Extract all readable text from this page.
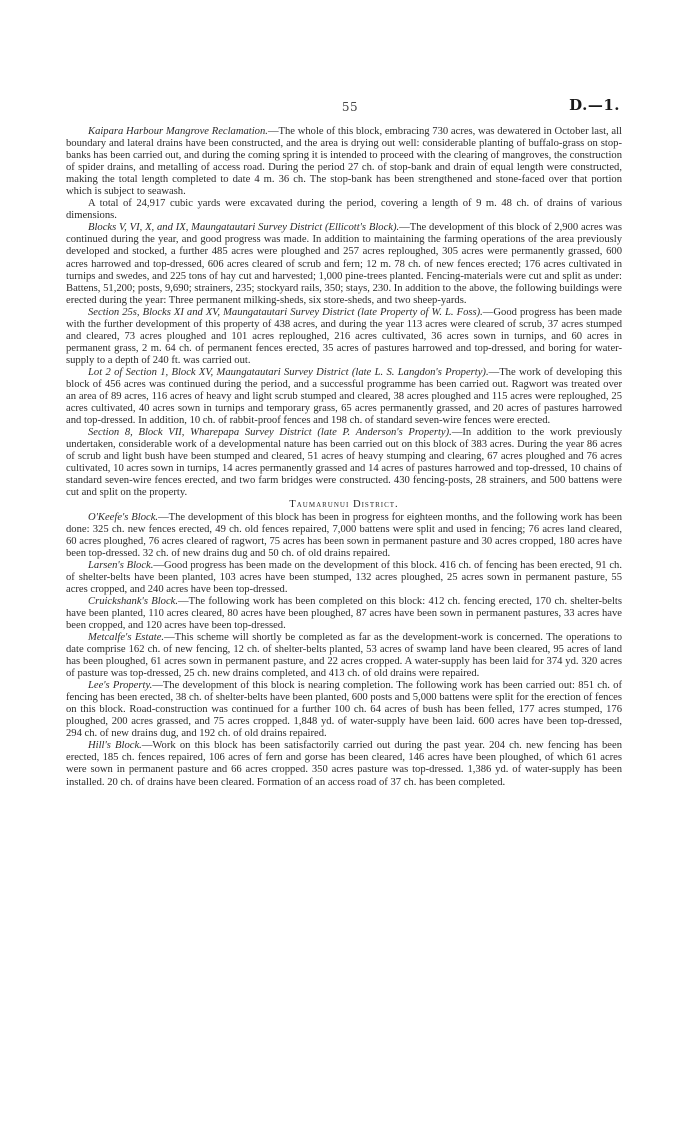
55	D.—1.

Kaipara Harbour Mangrove Reclamation.—The whole of this block, embracing 730 acres, was dewatered in October last, all boundary and lateral drains have been constructed, and the area is drying out well: considerable planting of buffalo-grass on stop-banks has been carried out, and during the coming spring it is intended to proceed with the clearing of mangroves, the construction of spider drains, and metalling of access road. During the period 27 ch. of stop-bank and drain of equal length were constructed, making the total length completed to date 4 m. 36 ch. The stop-bank has been strengthened and stone-faced over that portion which is subject to seawash.

A total of 24,917 cubic yards were excavated during the period, covering a length of 9 m. 48 ch. of drains of various dimensions.

Blocks V, VI, X, and IX, Maungatautari Survey District (Ellicott's Block).—The development of this block of 2,900 acres was continued during the year, and good progress was made. In addition to maintaining the farming operations of the area previously developed and stocked, a further 485 acres were ploughed and 257 acres reploughed, 305 acres were permanently grassed, 600 acres harrowed and top-dressed, 606 acres cleared of scrub and fern; 12 m. 78 ch. of new fences erected; 176 acres cultivated in turnips and swedes, and 225 tons of hay cut and harvested; 1,000 pine-trees planted. Fencing-materials were cut and split as under: Battens, 51,200; posts, 9,690; strainers, 235; stockyard rails, 350; stays, 230. In addition to the above, the following buildings were erected during the year: Three permanent milking-sheds, six store-sheds, and two sheep-yards.

Section 25s, Blocks XI and XV, Maungatautari Survey District (late Property of W. L. Foss).—Good progress has been made with the further development of this property of 438 acres, and during the year 113 acres were cleared of scrub, 37 acres stumped and cleared, 73 acres ploughed and 101 acres reploughed, 216 acres cultivated, 36 acres sown in turnips, and 60 acres in permanent grass, 2 m. 64 ch. of permanent fences erected, 35 acres of pastures harrowed and top-dressed, and boring for water-supply to a depth of 240 ft. was carried out.

Lot 2 of Section 1, Block XV, Maungatautari Survey District (late L. S. Langdon's Property).—The work of developing this block of 456 acres was continued during the period, and a successful programme has been carried out. Ragwort was treated over an area of 89 acres, 116 acres of heavy and light scrub stumped and cleared, 38 acres ploughed and 115 acres were reploughed, 25 acres cultivated, 40 acres sown in turnips and temporary grass, 65 acres permanently grassed, and 20 acres of pastures harrowed and top-dressed. In addition, 10 ch. of rabbit-proof fences and 198 ch. of standard seven-wire fences were erected.

Section 8, Block VII, Wharepapa Survey District (late P. Anderson's Property).—In addition to the work previously undertaken, considerable work of a developmental nature has been carried out on this block of 383 acres. During the year 86 acres of scrub and light bush have been stumped and cleared, 51 acres of heavy stumping and clearing, 67 acres ploughed and 76 acres cultivated, 10 acres sown in turnips, 14 acres permanently grassed and 14 acres of pastures harrowed and top-dressed, 10 chains of standard seven-wire fences erected, and two farm bridges were constructed. 430 fencing-posts, 28 strainers, and 500 battens were cut and split on the property.

Taumarunui District.

O'Keefe's Block.—The development of this block has been in progress for eighteen months, and the following work has been done: 325 ch. new fences erected, 49 ch. old fences repaired, 7,000 battens were split and used in fencing; 76 acres land cleared, 60 acres ploughed, 76 acres cleared of ragwort, 75 acres has been sown in permanent pasture and 30 acres cropped, 180 acres have been top-dressed. 32 ch. of new drains dug and 50 ch. of old drains repaired.

Larsen's Block.—Good progress has been made on the development of this block. 416 ch. of fencing has been erected, 91 ch. of shelter-belts have been planted, 103 acres have been stumped, 132 acres ploughed, 25 acres sown in permanent pasture, 55 acres cropped, and 240 acres have been top-dressed.

Cruickshank's Block.—The following work has been completed on this block: 412 ch. fencing erected, 170 ch. shelter-belts have been planted, 110 acres cleared, 80 acres have been ploughed, 87 acres have been sown in permanent pastures, 33 acres have been cropped, and 120 acres have been top-dressed.

Metcalfe's Estate.—This scheme will shortly be completed as far as the development-work is concerned. The operations to date comprise 162 ch. of new fencing, 12 ch. of shelter-belts planted, 53 acres of swamp land have been cleared, 95 acres of land has been ploughed, 61 acres sown in permanent pasture, and 22 acres cropped. A water-supply has been laid for 374 yd. 320 acres of pasture was top-dressed, 25 ch. new drains completed, and 413 ch. of old drains were repaired.

Lee's Property.—The development of this block is nearing completion. The following work has been carried out: 851 ch. of fencing has been erected, 38 ch. of shelter-belts have been planted, 600 posts and 5,000 battens were split for the erection of fences on this block. Road-construction was continued for a further 100 ch. 64 acres of bush has been felled, 177 acres stumped, 176 ploughed, 200 acres grassed, and 75 acres cropped. 1,848 yd. of water-supply have been laid. 600 acres have been top-dressed, 294 ch. of new drains dug, and 192 ch. of old drains repaired.

Hill's Block.—Work on this block has been satisfactorily carried out during the past year. 204 ch. new fencing has been erected, 185 ch. fences repaired, 106 acres of fern and gorse has been cleared, 146 acres have been ploughed, of which 61 acres were sown in permanent pasture and 66 acres cropped. 350 acres pasture was top-dressed. 1,386 yd. of water-supply has been installed. 20 ch. of drains have been cleared. Formation of an access road of 37 ch. has been completed.
